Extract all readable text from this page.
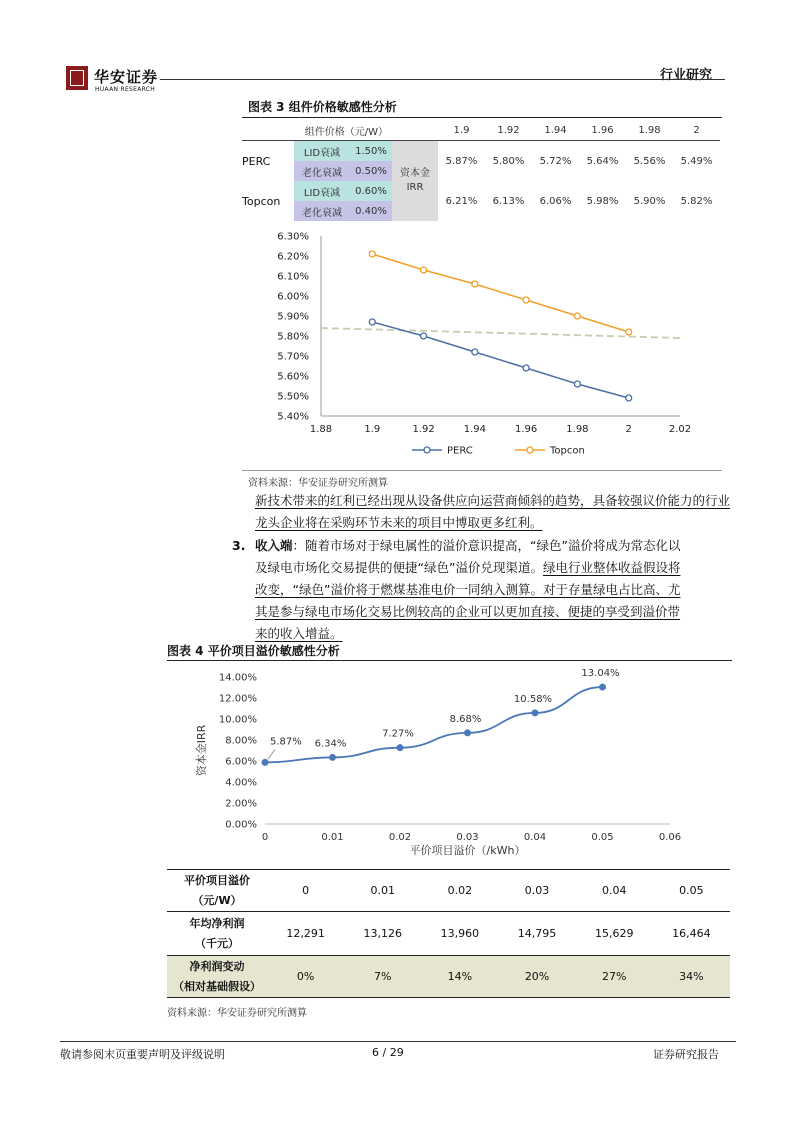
华安证券
HUAAN RESEARCH
行业研究
图表 3 组件价格敏感性分析
	组件价格（元/W）			1.9	1.92	1.94	1.96	1.98	2
PERC	LID衰减	1.50%	资本金IRR	5.87%	5.80%	5.72%	5.64%	5.56%	5.49%
	老化衰减	0.50%							
Topcon	LID衰减	0.60%		6.21%	6.13%	6.06%	5.98%	5.90%	5.82%
	老化衰减	0.40%							
5.40%
5.50%
5.60%
5.70%
5.80%
5.90%
6.00%
6.10%
6.20%
6.30%
1.88	1.9	1.92	1.94	1.96	1.98	2	2.02
PERC	Topcon
资料来源：华安证券研究所测算
新技术带来的红利已经出现从设备供应向运营商倾斜的趋势，具备较强议价能力的行业龙头企业将在采购环节未来的项目中博取更多红利。
3. 收入端：随着市场对于绿电属性的溢价意识提高，“绿色”溢价将成为常态化以
及绿电市场化交易提供的便捷“绿色”溢价兑现渠道。绿电行业整体收益假设将
改变，“绿色”溢价将于燃煤基准电价一同纳入测算。对于存量绿电占比高、尤
其是参与绿电市场化交易比例较高的企业可以更加直接、便捷的享受到溢价带
来的收入增益。
图表 4 平价项目溢价敏感性分析
0.00%
2.00%
4.00%
6.00%
8.00%
10.00%
12.00%
14.00%
0	0.01	0.02	0.03	0.04	0.05	0.06
平价项目溢价（/kWh）
资本金IRR	5.87% 6.34%
7.27%
8.68%
10.58%
13.04%
平价项目溢价
（元/W）	0	0.01	0.02	0.03	0.04	0.05

年均净利润
（千元）	12,291	13,126	13,960	14,795	15,629	16,464

净利润变动
（相对基础假设）	0%	7%	14%	20%	27%	34%
资料来源：华安证券研究所测算
敬请参阅末页重要声明及评级说明	6 / 29	证券研究报告
